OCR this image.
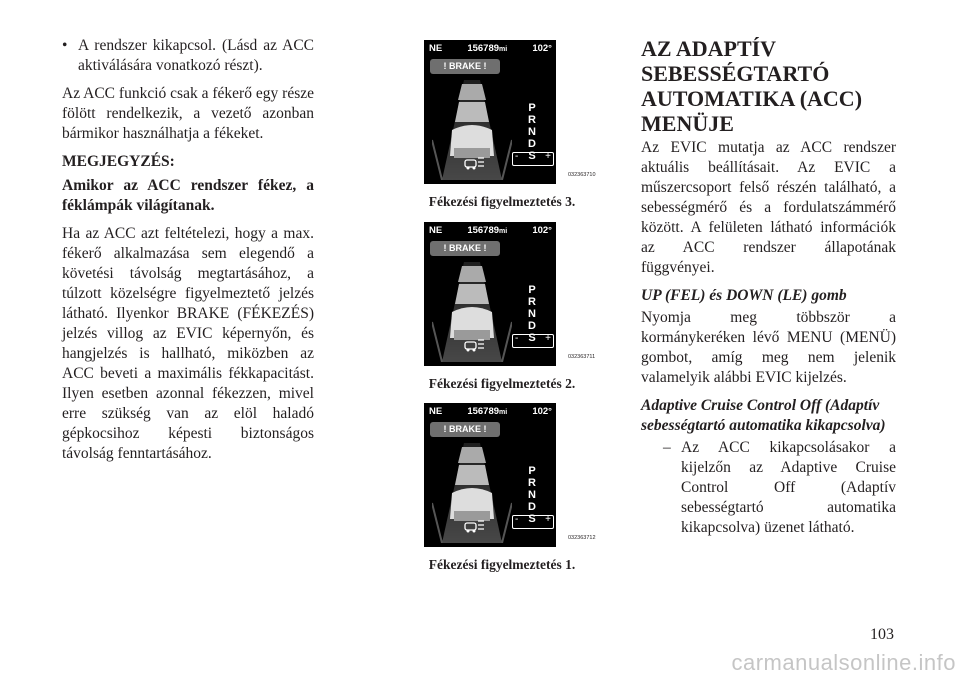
• A rendszer kikapcsol. (Lásd az ACC aktiválására vonatkozó részt).

Az ACC funkció csak a fékerő egy része fölött rendelkezik, a vezető azonban bármikor használhatja a fékeket.

MEGJEGYZÉS:

Amikor az ACC rendszer fékez, a féklámpák világítanak.

Ha az ACC azt feltételezi, hogy a max. fékerő alkalmazása sem elegendő a követési távolság megtartásához, a túlzott közelségre figyelmeztető jelzés látható. Ilyenkor BRAKE (FÉKEZÉS) jelzés villog az EVIC képernyőn, és hangjelzés is hallható, miközben az ACC beveti a maximális fékkapacitást. Ilyen esetben azonnal fékezzen, mivel erre szükség van az elöl haladó gépkocsihoz képesti biztonságos távolság fenntartásához.

NE	156789mi	102°
! BRAKE !
P
R
N
D
S
-	+
032363710
Fékezési figyelmeztetés 3.
NE	156789mi	102°
! BRAKE !
P
R
N
D
S
-	+
032363711
Fékezési figyelmeztetés 2.
NE	156789mi	102°
! BRAKE !
P
R
N
D
S
-	+
032363712
Fékezési figyelmeztetés 1.
AZ ADAPTÍV SEBESSÉGTARTÓ AUTOMATIKA (ACC) MENÜJE

Az EVIC mutatja az ACC rendszer aktuális beállításait. Az EVIC a műszercsoport felső részén található, a sebességmérő és a fordulatszámmérő között. A felületen látható információk az ACC rendszer állapotának függvényei.

UP (FEL) és DOWN (LE) gomb

Nyomja meg többször a kormánykeréken lévő MENU (MENÜ) gombot, amíg meg nem jelenik valamelyik alábbi EVIC kijelzés.

Adaptive Cruise Control Off (Adaptív sebességtartó automatika kikapcsolva)

– Az ACC kikapcsolásakor a kijelzőn az Adaptive Cruise Control Off (Adaptív sebességtartó automatika kikapcsolva) üzenet látható.
103
carmanualsonline.info
